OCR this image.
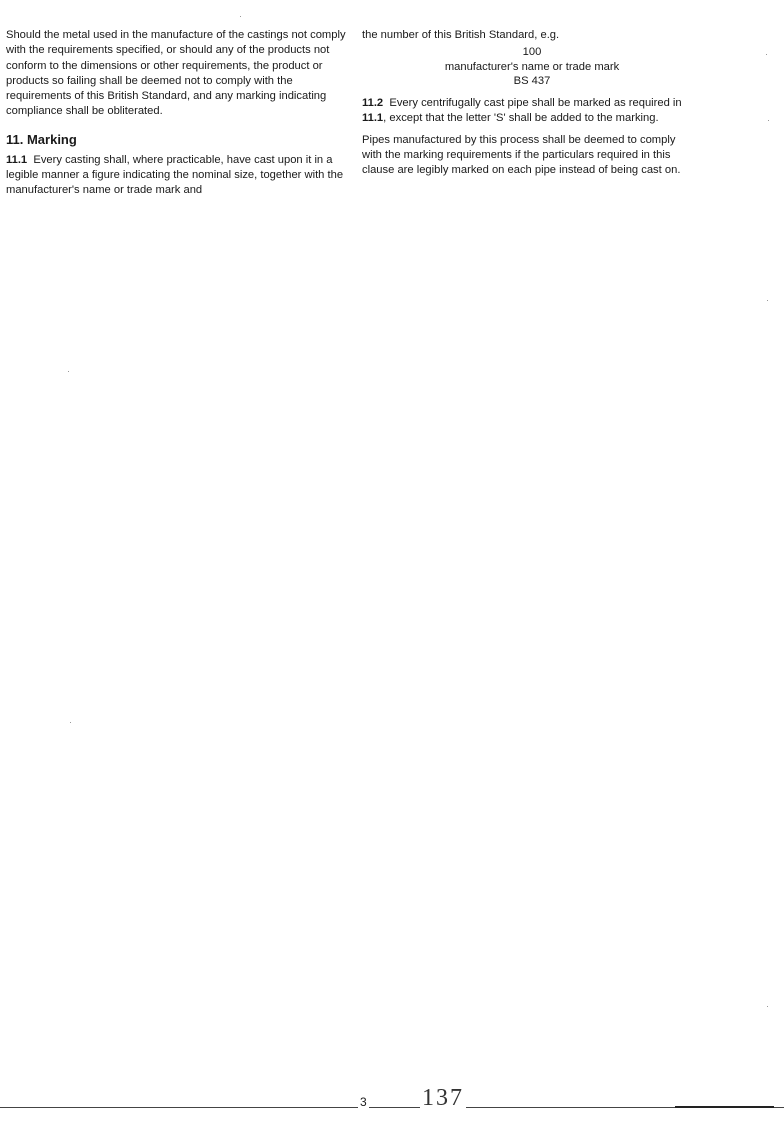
Should the metal used in the manufacture of the castings not comply with the requirements specified, or should any of the products not conform to the dimensions or other requirements, the product or products so failing shall be deemed not to comply with the requirements of this British Standard, and any marking indicating compliance shall be obliterated.

11. Marking

11.1 Every casting shall, where practicable, have cast upon it in a legible manner a figure indicating the nominal size, together with the manufacturer's name or trade mark and

the number of this British Standard, e.g.

100
manufacturer's name or trade mark
BS 437

11.2 Every centrifugally cast pipe shall be marked as required in 11.1, except that the letter 'S' shall be added to the marking.

Pipes manufactured by this process shall be deemed to comply with the marking requirements if the particulars required in this clause are legibly marked on each pipe instead of being cast on.

3 137
